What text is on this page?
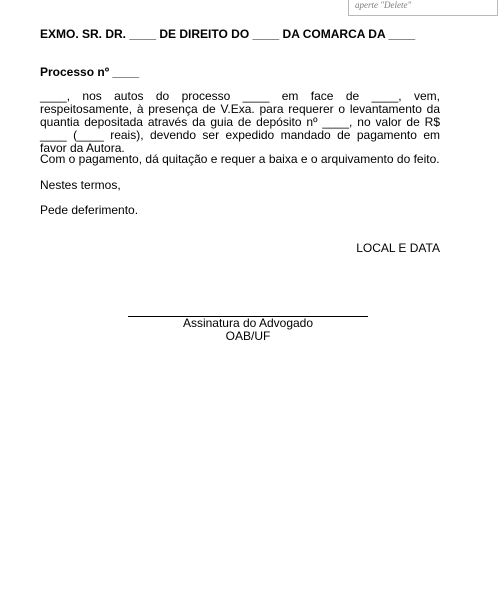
aperte "Delete"
EXMO. SR. DR. ____ DE DIREITO DO ____ DA COMARCA DA ____
Processo nº ____

____, nos autos do processo ____ em face de ____, vem, respeitosamente, à presença de V.Exa. para requerer o levantamento da quantia depositada através da guia de depósito nº ____, no valor de R$ ____ (____ reais), devendo ser expedido mandado de pagamento em favor da Autora.

Com o pagamento, dá quitação e requer a baixa e o arquivamento do feito.

Nestes termos,

Pede deferimento.

LOCAL E DATA
Assinatura do Advogado
OAB/UF
